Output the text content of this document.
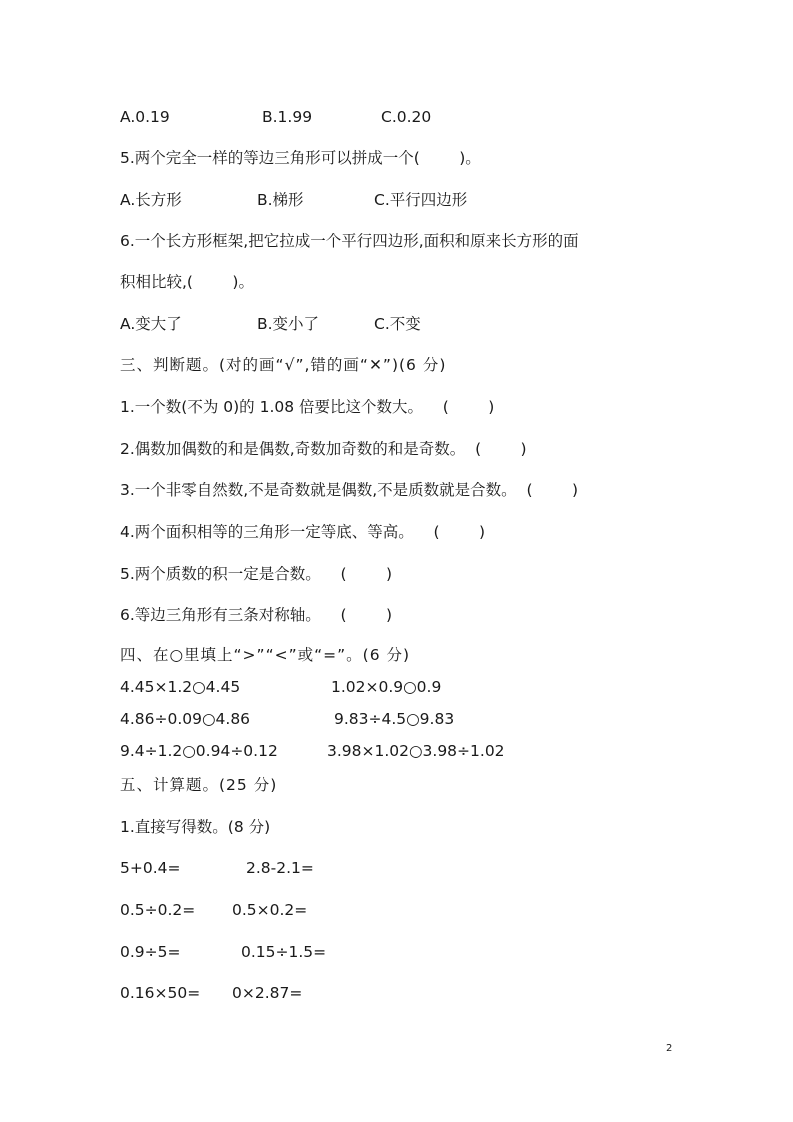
A.0.19	B.1.99	C.0.20
5.两个完全一样的等边三角形可以拼成一个(        )。
A.长方形	B.梯形	C.平行四边形
6.一个长方形框架,把它拉成一个平行四边形,面积和原来长方形的面
积相比较,(        )。
A.变大了	B.变小了	C.不变
三、判断题。(对的画“√”,错的画“✕”)(6 分)
1.一个数(不为 0)的 1.08 倍要比这个数大。    (        )
2.偶数加偶数的和是偶数,奇数加奇数的和是奇数。  (        )
3.一个非零自然数,不是奇数就是偶数,不是质数就是合数。  (        )
4.两个面积相等的三角形一定等底、等高。    (        )
5.两个质数的积一定是合数。    (        )
6.等边三角形有三条对称轴。    (        )
四、在○里填上“>”“<”或“=”。(6 分)
4.45×1.2○4.45	1.02×0.9○0.9
4.86÷0.09○4.86	9.83÷4.5○9.83
9.4÷1.2○0.94÷0.12	3.98×1.02○3.98÷1.02
五、计算题。(25 分)
1.直接写得数。(8 分)
5+0.4=	2.8-2.1=
0.5÷0.2= 0.5×0.2=
0.9÷5=	0.15÷1.5=
0.16×50= 0×2.87=
2
